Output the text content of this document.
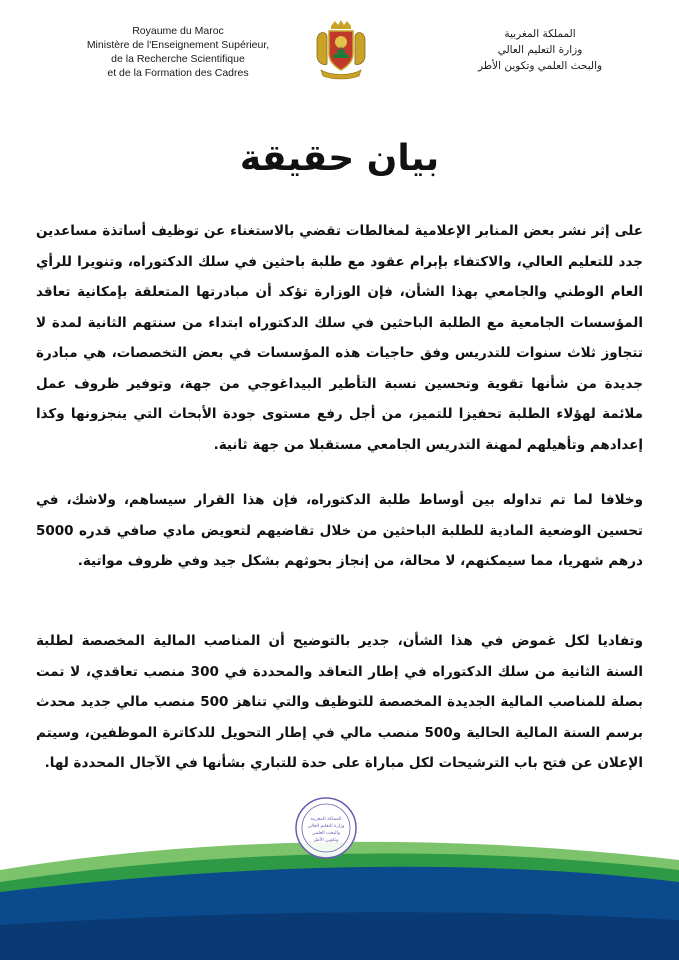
Royaume du Maroc
Ministère de l'Enseignement Supérieur,
de la Recherche Scientifique
et de la Formation des Cadres
المملكة المغربية
وزارة التعليم العالي
والبحث العلمي وتكوين الأطر
بيان حقيقة
على إثر نشر بعض المنابر الإعلامية لمغالطات تقضي بالاستغناء عن توظيف أساتذة مساعدين جدد للتعليم العالي، والاكتفاء بإبرام عقود مع طلبة باحثين في سلك الدكتوراه، وتنويرا للرأي العام الوطني والجامعي بهذا الشأن، فإن الوزارة تؤكد أن مبادرتها المتعلقة بإمكانية تعاقد المؤسسات الجامعية مع الطلبة الباحثين في سلك الدكتوراه ابتداء من سنتهم الثانية لمدة لا تتجاوز ثلاث سنوات للتدريس وفق حاجيات هذه المؤسسات في بعض التخصصات، هي مبادرة جديدة من شأنها تقوية وتحسين نسبة التأطير البيداغوجي من جهة، وتوفير ظروف عمل ملائمة لهؤلاء الطلبة تحفيزا للتميز، من أجل رفع مستوى جودة الأبحاث التي ينجزونها وكذا إعدادهم وتأهيلهم لمهنة التدريس الجامعي مستقبلا من جهة ثانية.
وخلافا لما تم تداوله بين أوساط طلبة الدكتوراه، فإن هذا القرار سيساهم، ولاشك، في تحسين الوضعية المادية للطلبة الباحثين من خلال تقاضيهم لتعويض مادي صافي قدره 5000 درهم شهريا، مما سيمكنهم، لا محالة، من إنجاز بحوثهم بشكل جيد وفي ظروف مواتية.
وتفاديا لكل غموض في هذا الشأن، جدير بالتوضيح أن المناصب المالية المخصصة لطلبة السنة الثانية من سلك الدكتوراه في إطار التعاقد والمحددة في 300 منصب تعاقدي، لا تمت بصلة للمناصب المالية الجديدة المخصصة للتوظيف والتي تناهز 500 منصب مالي جديد محدث برسم السنة المالية الحالية و500 منصب مالي في إطار التحويل للدكاترة الموظفين، وسيتم الإعلان عن فتح باب الترشيحات لكل مباراة على حدة للتباري بشأنها في الآجال المحددة لها.
المملكة المغربية
وزارة التعليم العالي
والبحث العلمي
وتكوين الأطر
